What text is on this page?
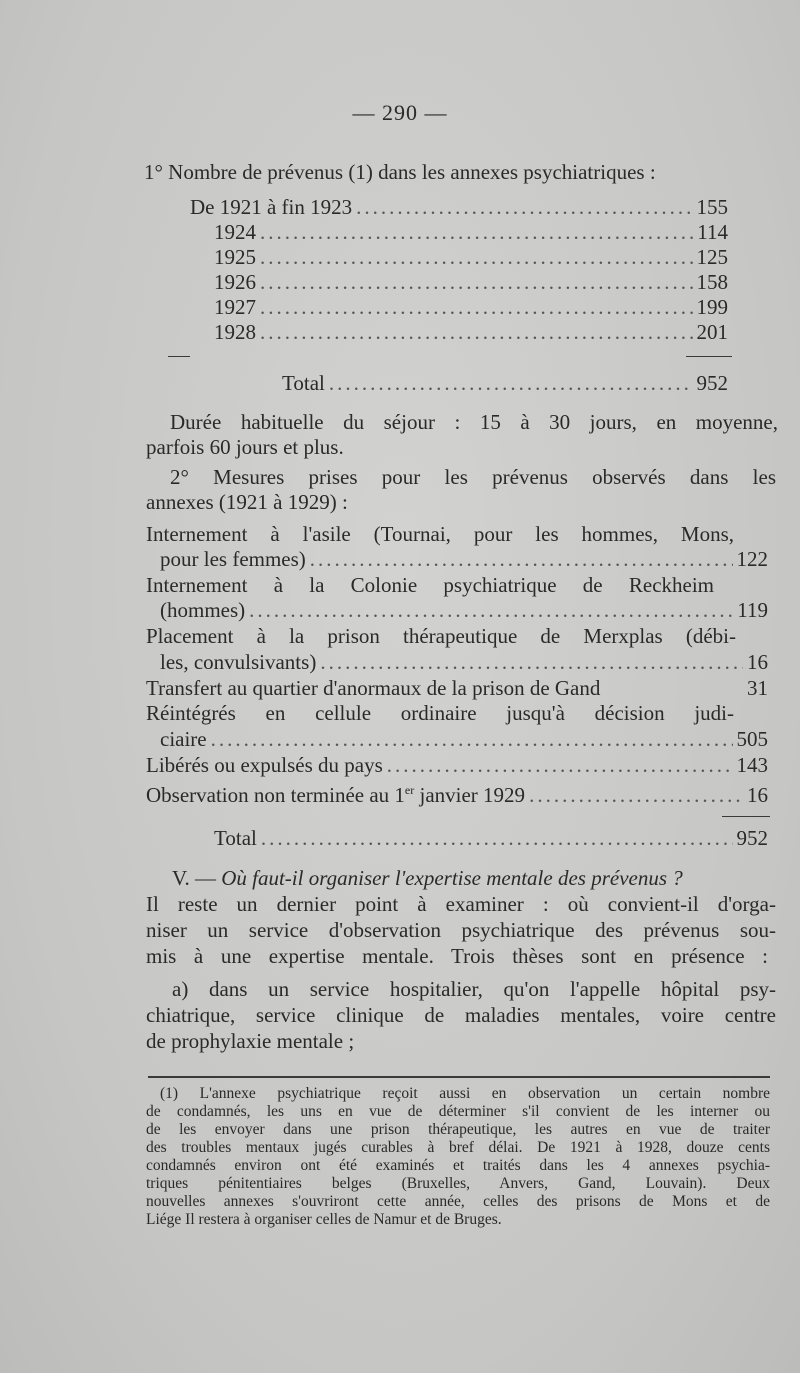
— 290 —
1° Nombre de prévenus (1) dans les annexes psychiatriques :
De 1921 à fin 1923 .....	155
1924 .....	114
1925 .....	125
1926 .....	158
1927 .....	199
1928 .....	201
Total .....	952
Durée habituelle du séjour : 15 à 30 jours, en moyenne,
parfois 60 jours et plus.
2° Mesures prises pour les prévenus observés dans les
annexes (1921 à 1929) :
Internement à l'asile (Tournai, pour les hommes, Mons,
pour les femmes) .....	122
Internement à la Colonie psychiatrique de Reckheim
(hommes) .....	119
Placement à la prison thérapeutique de Merxplas (débi-
les, convulsivants) .....	16
Transfert au quartier d'anormaux de la prison de Gand	31
Réintégrés en cellule ordinaire jusqu'à décision judi-
ciaire .....	505
Libérés ou expulsés du pays .....	143
Observation non terminée au 1er janvier 1929 .....	16
Total .....	952
V. — Où faut-il organiser l'expertise mentale des prévenus ?
Il reste un dernier point à examiner : où convient-il d'orga-
niser un service d'observation psychiatrique des prévenus sou-
mis à une expertise mentale. Trois thèses sont en présence :
a) dans un service hospitalier, qu'on l'appelle hôpital psy-
chiatrique, service clinique de maladies mentales, voire centre
de prophylaxie mentale ;
(1) L'annexe psychiatrique reçoit aussi en observation un certain nombre
de condamnés, les uns en vue de déterminer s'il convient de les interner ou
de les envoyer dans une prison thérapeutique, les autres en vue de traiter
des troubles mentaux jugés curables à bref délai. De 1921 à 1928, douze cents
condamnés environ ont été examinés et traités dans les 4 annexes psychia-
triques pénitentiaires belges (Bruxelles, Anvers, Gand, Louvain). Deux
nouvelles annexes s'ouvriront cette année, celles des prisons de Mons et de
Liége Il restera à organiser celles de Namur et de Bruges.
